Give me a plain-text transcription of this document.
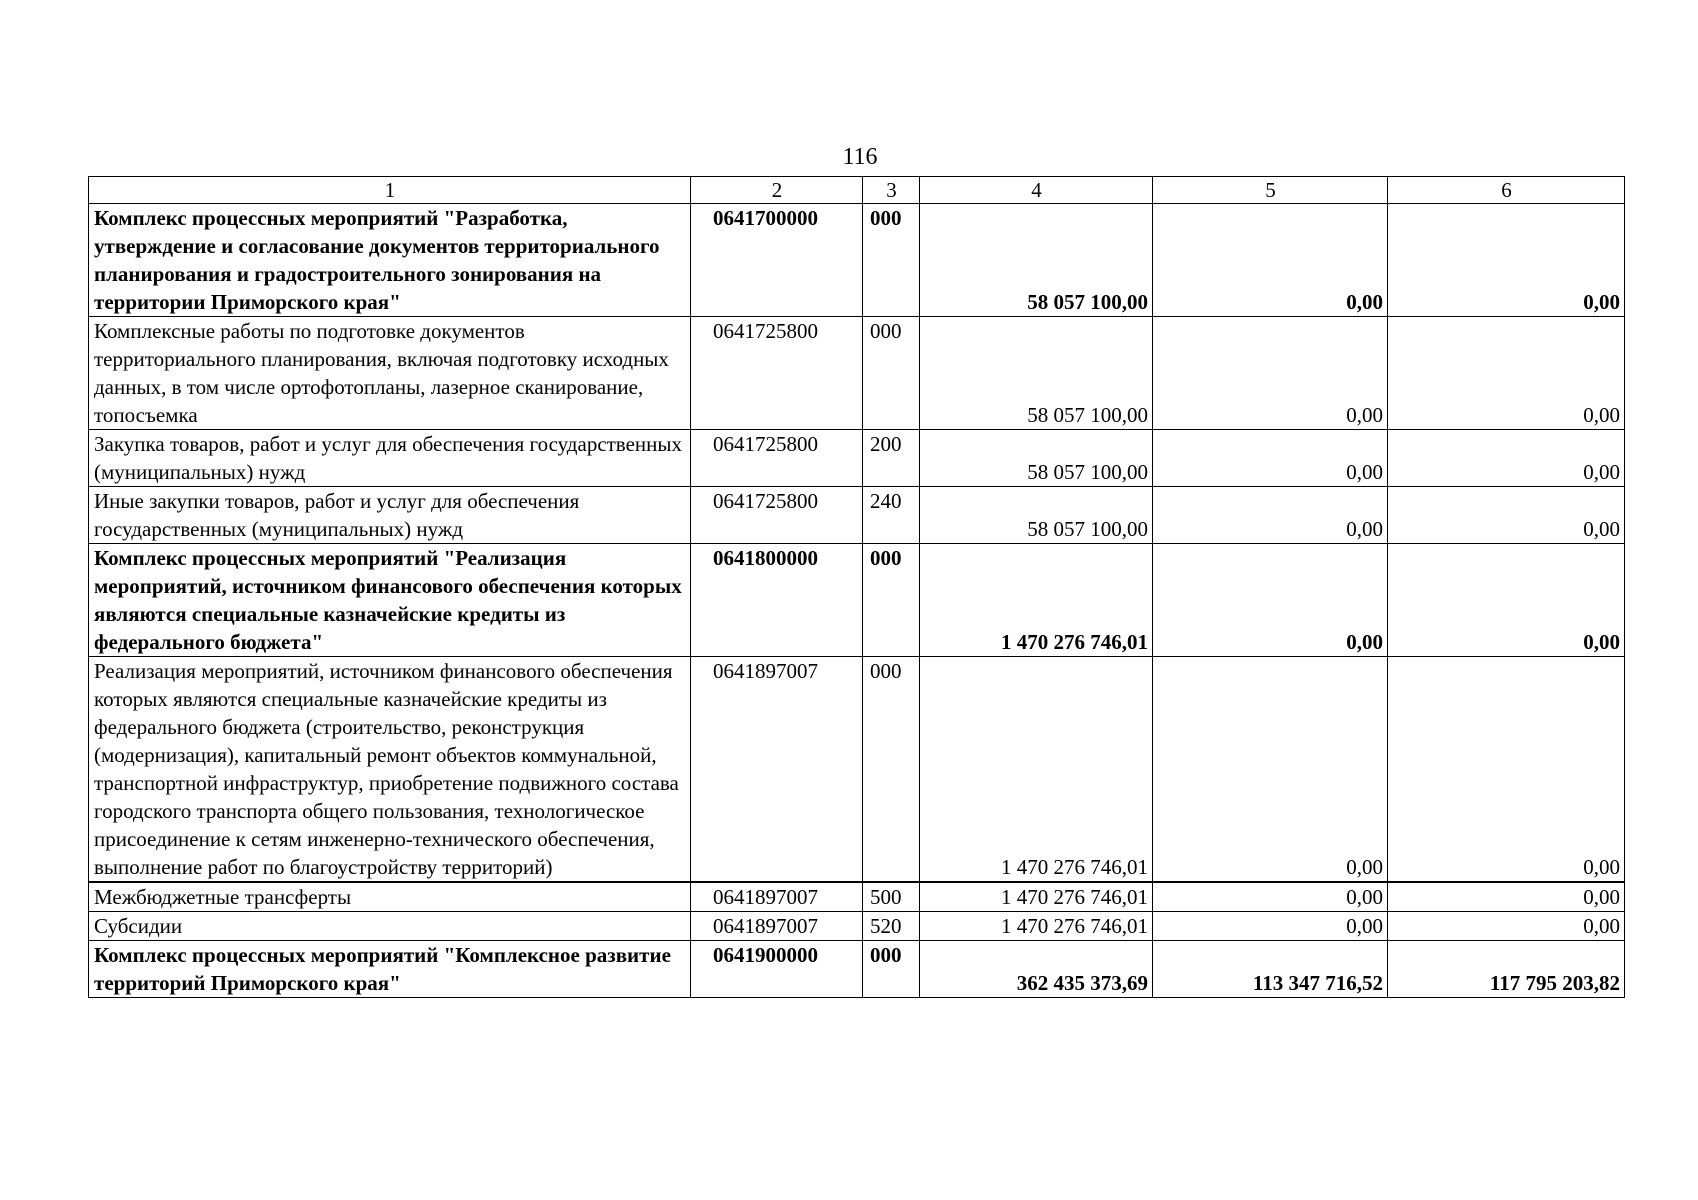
116
1	2	3	4	5	6
Комплекс процессных мероприятий "Разработка, утверждение и согласование документов территориального планирования и градостроительного зонирования на территории Приморского края"	0641700000	000	58 057 100,00	0,00	0,00
Комплексные работы по подготовке документов территориального планирования, включая подготовку исходных данных, в том числе ортофотопланы, лазерное сканирование, топосъемка	0641725800	000	58 057 100,00	0,00	0,00
Закупка товаров, работ и услуг для обеспечения государственных (муниципальных) нужд	0641725800	200	58 057 100,00	0,00	0,00
Иные закупки товаров, работ и услуг для обеспечения государственных (муниципальных) нужд	0641725800	240	58 057 100,00	0,00	0,00
Комплекс процессных мероприятий "Реализация мероприятий, источником финансового обеспечения которых являются специальные казначейские кредиты из федерального бюджета"	0641800000	000	1 470 276 746,01	0,00	0,00
Реализация мероприятий, источником финансового обеспечения которых являются специальные казначейские кредиты из федерального бюджета (строительство, реконструкция (модернизация), капитальный ремонт объектов коммунальной, транспортной инфраструктур, приобретение подвижного состава городского транспорта общего пользования, технологическое присоединение к сетям инженерно-технического обеспечения, выполнение работ по благоустройству территорий)	0641897007	000	1 470 276 746,01	0,00	0,00
Межбюджетные трансферты	0641897007	500	1 470 276 746,01	0,00	0,00
Субсидии	0641897007	520	1 470 276 746,01	0,00	0,00
Комплекс процессных мероприятий "Комплексное развитие территорий Приморского края"	0641900000	000	362 435 373,69	113 347 716,52	117 795 203,82
